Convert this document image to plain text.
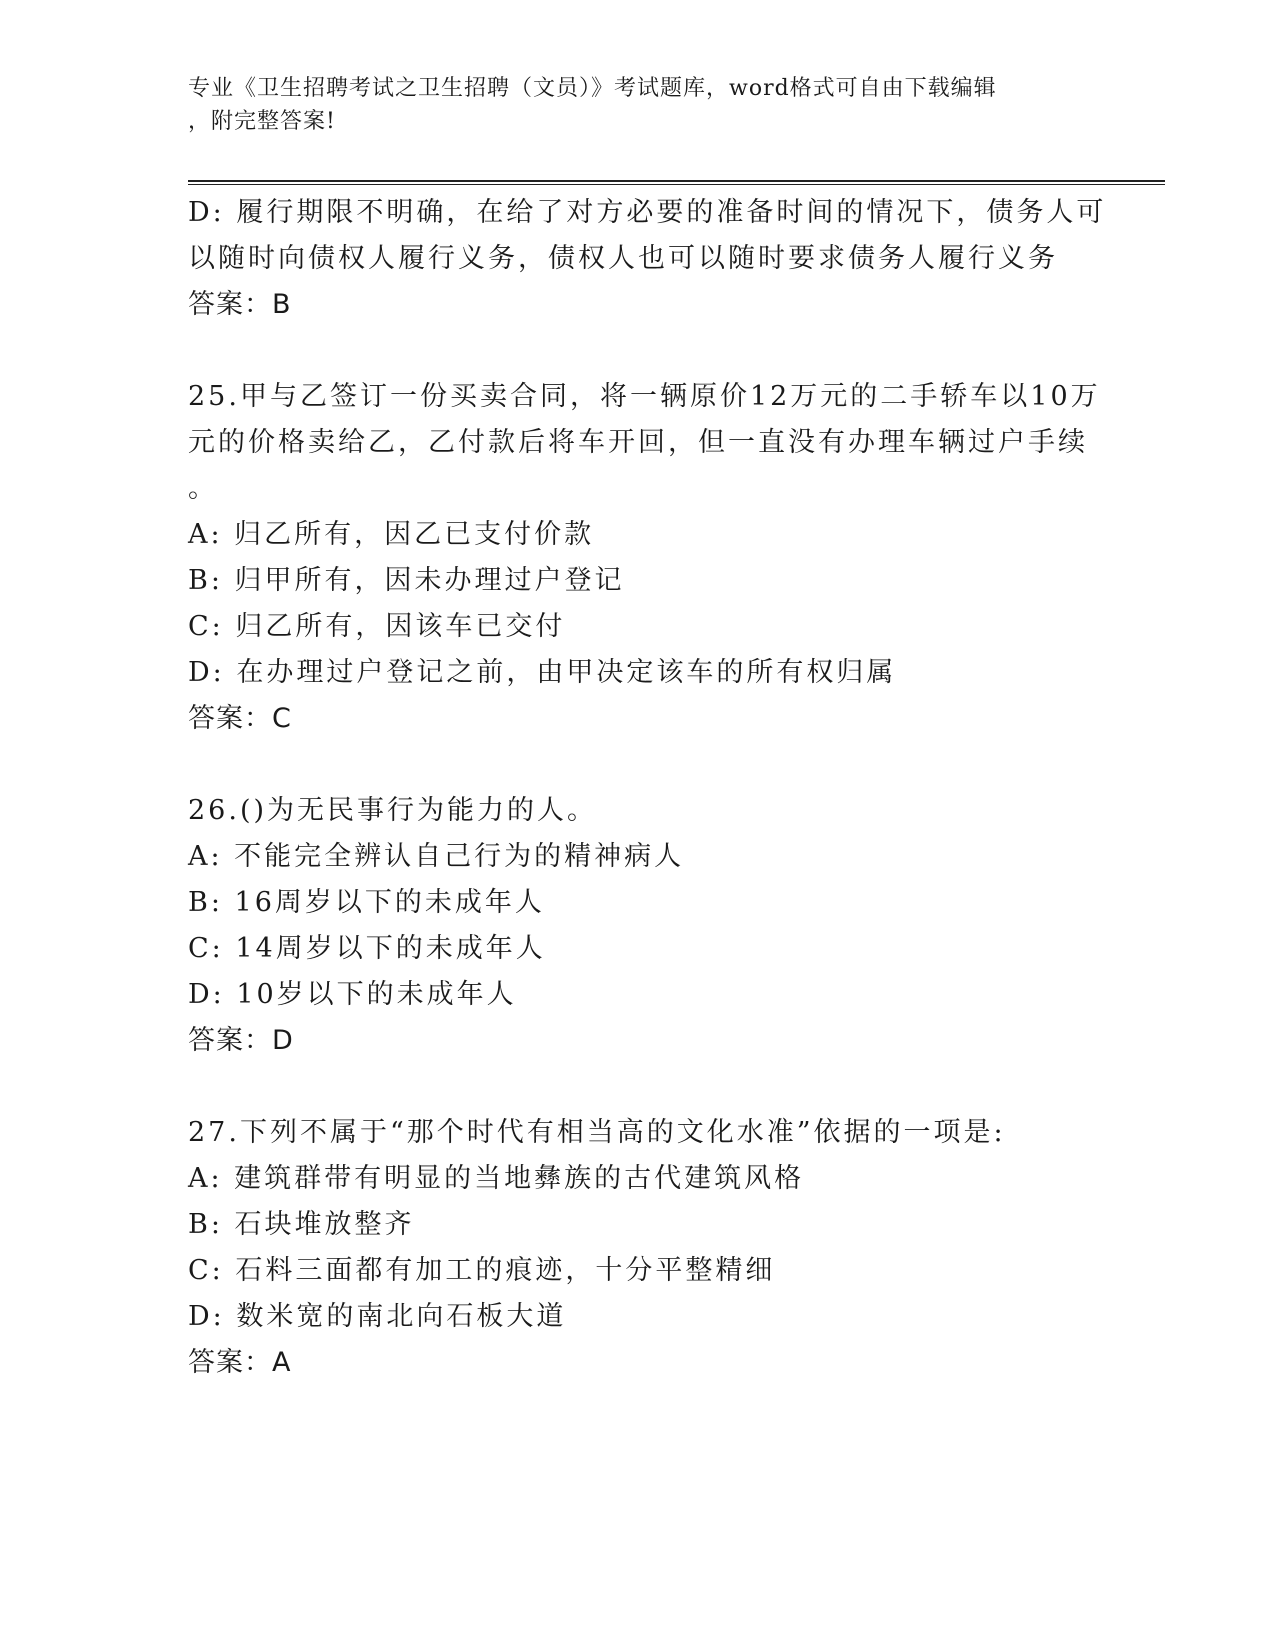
专业《卫生招聘考试之卫生招聘（文员）》考试题库，word格式可自由下载编辑
，附完整答案!
D: 履行期限不明确，在给了对方必要的准备时间的情况下，债务人可
以随时向债权人履行义务，债权人也可以随时要求债务人履行义务
答案：B
25.甲与乙签订一份买卖合同，将一辆原价12万元的二手轿车以10万
元的价格卖给乙，乙付款后将车开回，但一直没有办理车辆过户手续
。
A: 归乙所有，因乙已支付价款
B: 归甲所有，因未办理过户登记
C: 归乙所有，因该车已交付
D: 在办理过户登记之前，由甲决定该车的所有权归属
答案：C
26.()为无民事行为能力的人。
A: 不能完全辨认自己行为的精神病人
B: 16周岁以下的未成年人
C: 14周岁以下的未成年人
D: 10岁以下的未成年人
答案：D
27.下列不属于“那个时代有相当高的文化水准”依据的一项是:
A: 建筑群带有明显的当地彝族的古代建筑风格
B: 石块堆放整齐
C: 石料三面都有加工的痕迹，十分平整精细
D: 数米宽的南北向石板大道
答案：A
